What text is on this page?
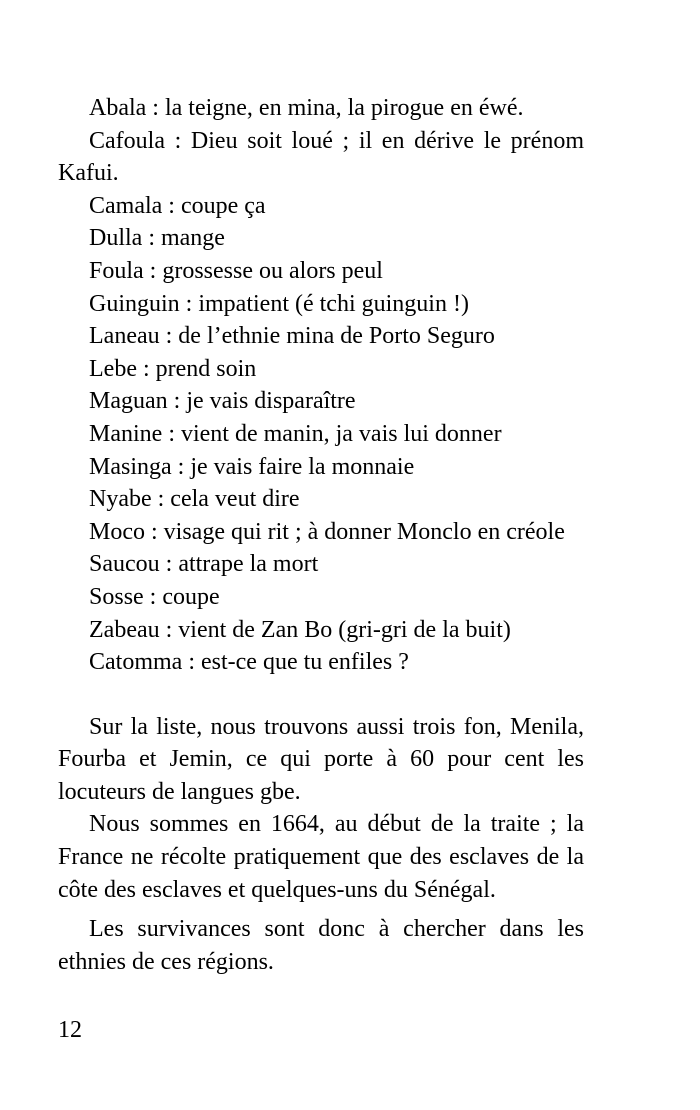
Abala : la teigne, en mina, la pirogue en éwé.

Cafoula : Dieu soit loué ; il en dérive le prénom Kafui.

Camala : coupe ça

Dulla : mange

Foula : grossesse ou alors peul

Guinguin : impatient (é tchi guinguin !)

Laneau : de l’ethnie mina de Porto Seguro

Lebe : prend soin

Maguan : je vais disparaître

Manine : vient de manin, ja vais lui donner

Masinga : je vais faire la monnaie

Nyabe : cela veut dire

Moco : visage qui rit ; à donner Monclo en créole

Saucou : attrape la mort

Sosse : coupe

Zabeau : vient de Zan Bo (gri-gri de la buit)

Catomma : est-ce que tu enfiles ?

Sur la liste, nous trouvons aussi trois fon, Menila, Fourba et Jemin, ce qui porte à 60 pour cent les locuteurs de langues gbe.

Nous sommes en 1664, au début de la traite ; la France ne récolte pratiquement que des esclaves de la côte des esclaves et quelques-uns du Sénégal.

Les survivances sont donc à chercher dans les ethnies de ces régions.

12
